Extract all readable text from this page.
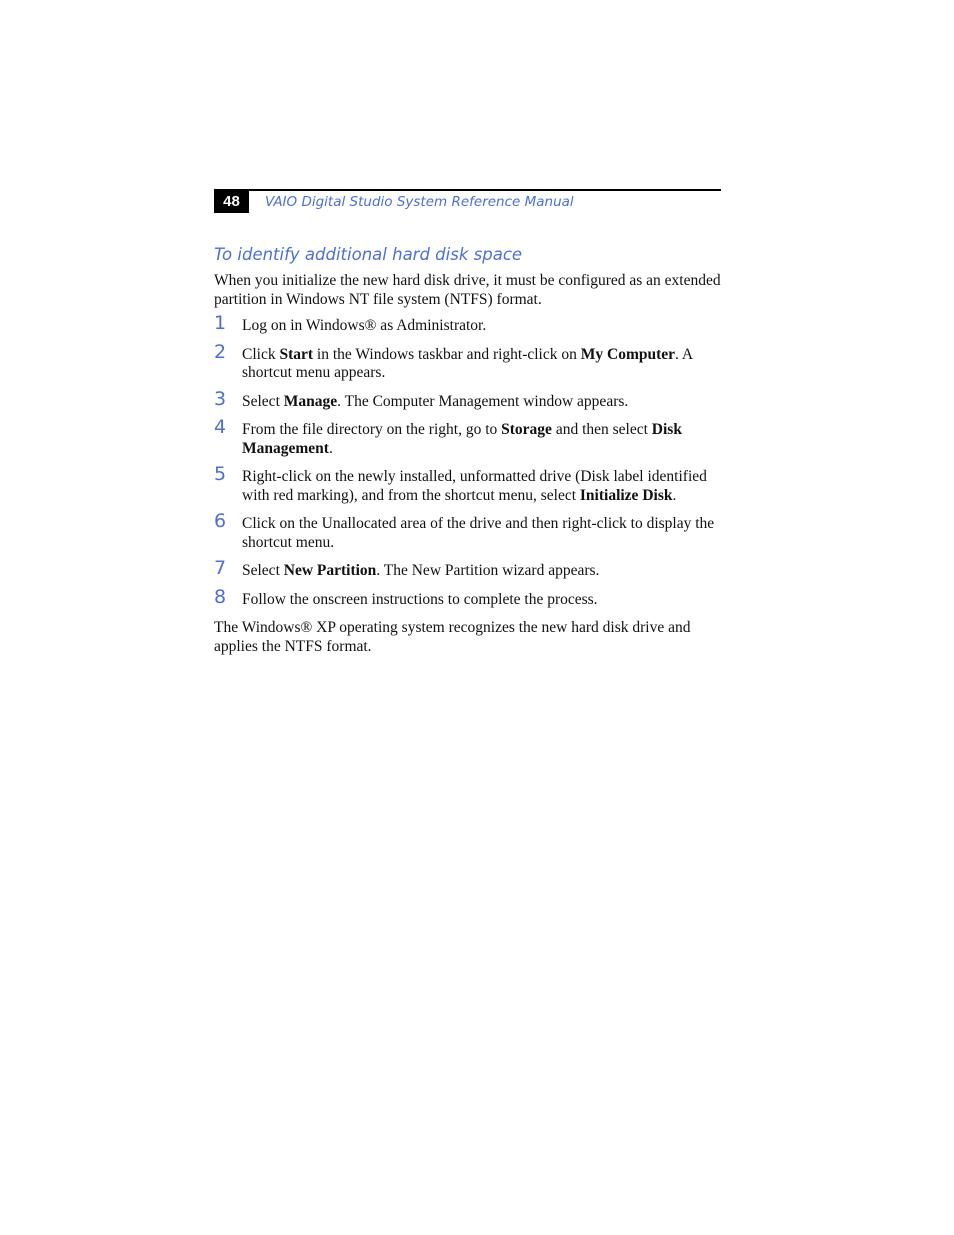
48	VAIO Digital Studio System Reference Manual
To identify additional hard disk space

When you initialize the new hard disk drive, it must be configured as an extended partition in Windows NT file system (NTFS) format.

1 Log on in Windows® as Administrator.
2 Click Start in the Windows taskbar and right-click on My Computer. A shortcut menu appears.
3 Select Manage. The Computer Management window appears.
4 From the file directory on the right, go to Storage and then select Disk Management.
5 Right-click on the newly installed, unformatted drive (Disk label identified with red marking), and from the shortcut menu, select Initialize Disk.
6 Click on the Unallocated area of the drive and then right-click to display the shortcut menu.
7 Select New Partition. The New Partition wizard appears.
8 Follow the onscreen instructions to complete the process.

The Windows® XP operating system recognizes the new hard disk drive and applies the NTFS format.
